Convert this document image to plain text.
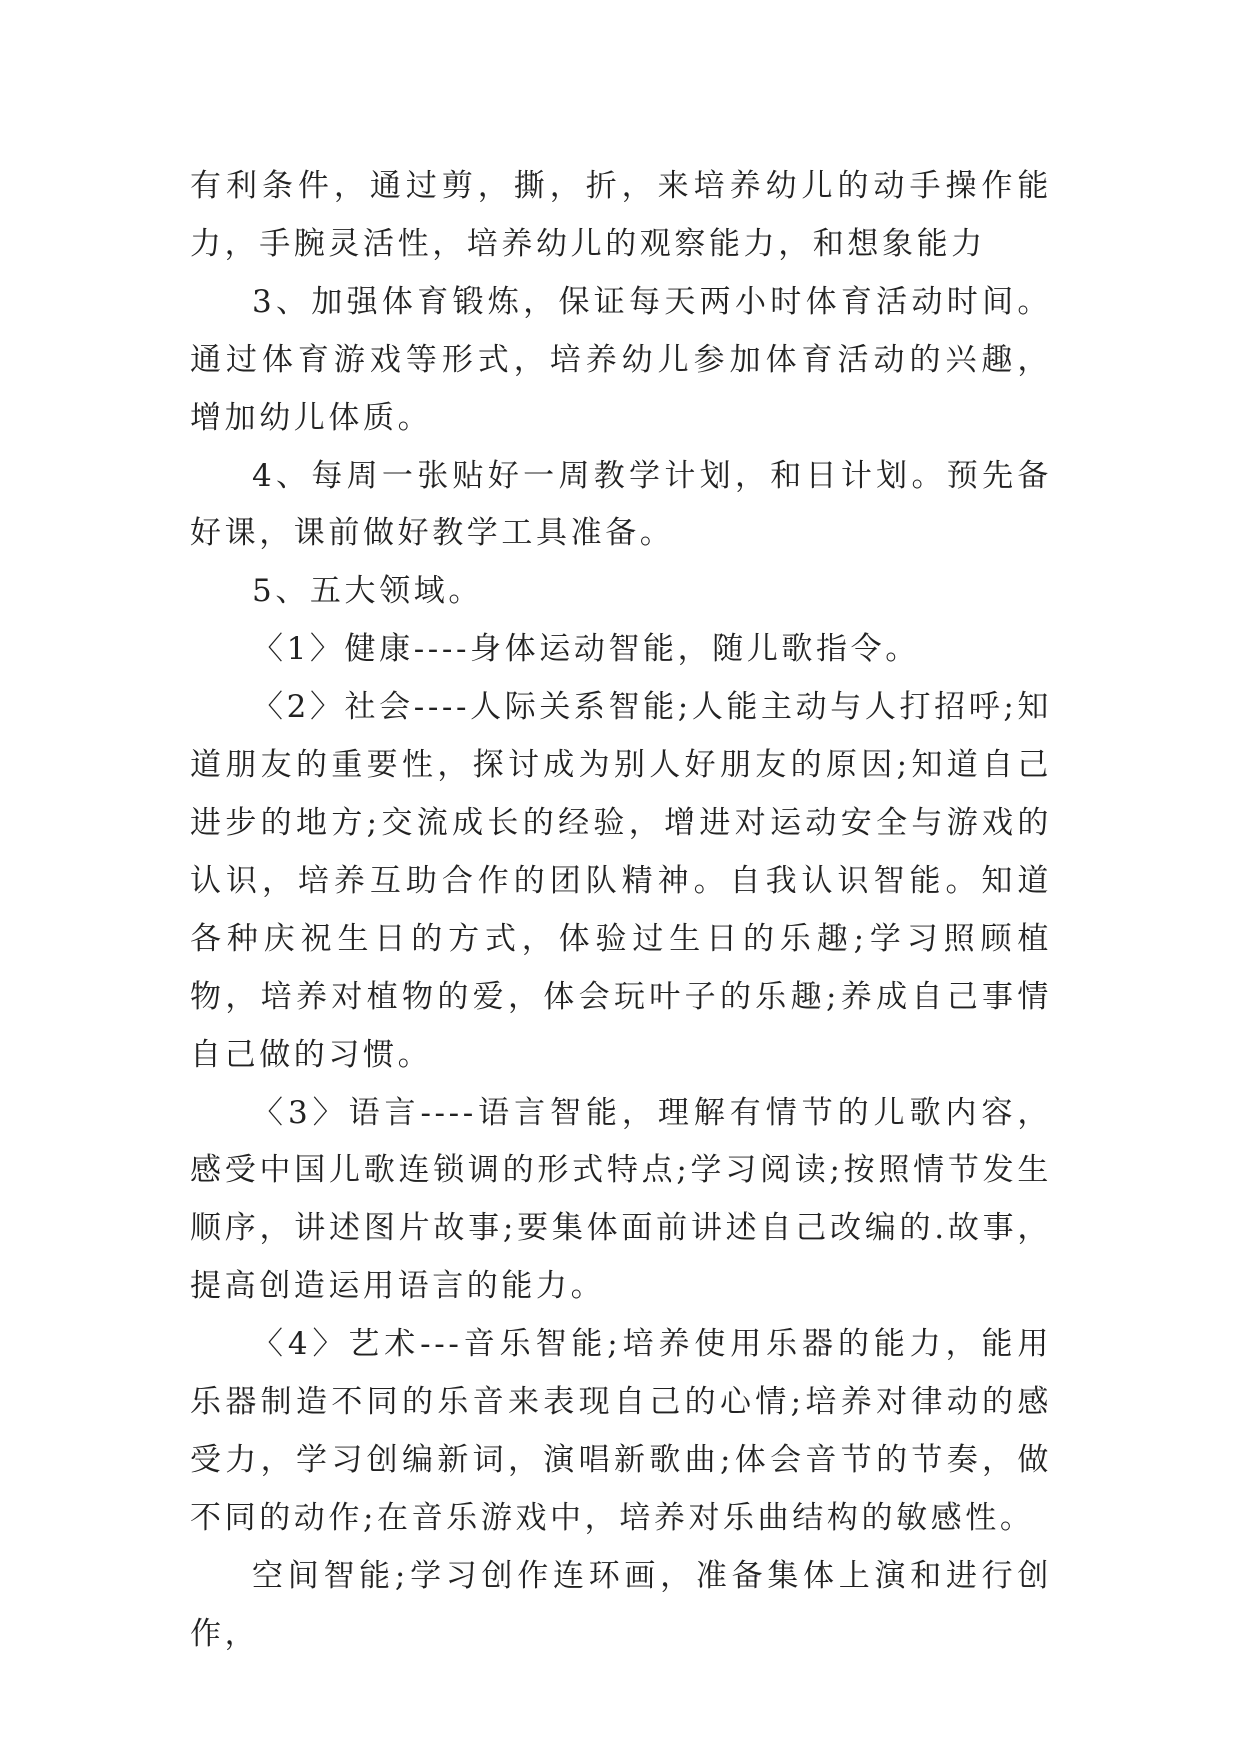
有利条件，通过剪，撕，折，来培养幼儿的动手操作能力，手腕灵活性，培养幼儿的观察能力，和想象能力

3、加强体育锻炼，保证每天两小时体育活动时间。通过体育游戏等形式，培养幼儿参加体育活动的兴趣，增加幼儿体质。

4、每周一张贴好一周教学计划，和日计划。预先备好课，课前做好教学工具准备。

5、五大领域。

〈1〉健康----身体运动智能，随儿歌指令。

〈2〉社会----人际关系智能;人能主动与人打招呼;知道朋友的重要性，探讨成为别人好朋友的原因;知道自己进步的地方;交流成长的经验，增进对运动安全与游戏的认识，培养互助合作的团队精神。自我认识智能。知道各种庆祝生日的方式，体验过生日的乐趣;学习照顾植物，培养对植物的爱，体会玩叶子的乐趣;养成自己事情自己做的习惯。

〈3〉语言----语言智能，理解有情节的儿歌内容，感受中国儿歌连锁调的形式特点;学习阅读;按照情节发生顺序，讲述图片故事;要集体面前讲述自己改编的.故事，提高创造运用语言的能力。

〈4〉艺术---音乐智能;培养使用乐器的能力，能用乐器制造不同的乐音来表现自己的心情;培养对律动的感受力，学习创编新词，演唱新歌曲;体会音节的节奏，做不同的动作;在音乐游戏中，培养对乐曲结构的敏感性。

空间智能;学习创作连环画，准备集体上演和进行创作，
